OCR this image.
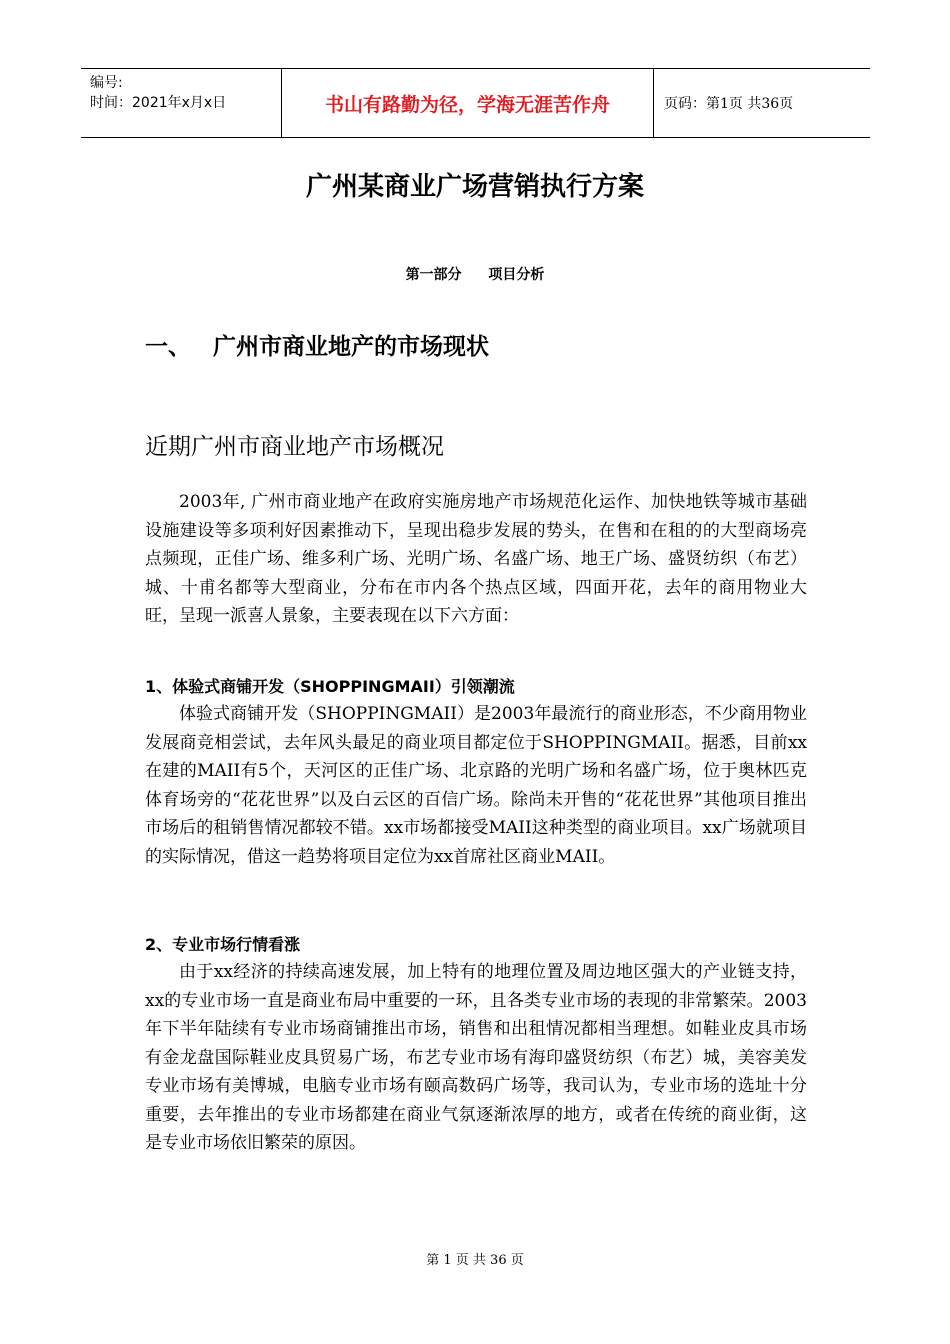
编号:
时间：2021年x月x日	书山有路勤为径，学海无涯苦作舟	页码：第1页 共36页
广州某商业广场营销执行方案
第一部分 项目分析
一、 广州市商业地产的市场现状
近期广州市商业地产市场概况
2003年, 广州市商业地产在政府实施房地产市场规范化运作、加快地铁等城市基础设施建设等多项利好因素推动下，呈现出稳步发展的势头，在售和在租的的大型商场亮点频现，正佳广场、维多利广场、光明广场、名盛广场、地王广场、盛贤纺织（布艺）城、十甫名都等大型商业，分布在市内各个热点区域，四面开花，去年的商用物业大旺，呈现一派喜人景象，主要表现在以下六方面：
1、体验式商铺开发（SHOPPINGMAII）引领潮流
体验式商铺开发（SHOPPINGMAII）是2003年最流行的商业形态，不少商用物业发展商竞相尝试，去年风头最足的商业项目都定位于SHOPPINGMAII。据悉，目前xx在建的MAII有5个，天河区的正佳广场、北京路的光明广场和名盛广场，位于奥林匹克体育场旁的“花花世界”以及白云区的百信广场。除尚未开售的“花花世界”其他项目推出市场后的租销售情况都较不错。xx市场都接受MAII这种类型的商业项目。xx广场就项目的实际情况，借这一趋势将项目定位为xx首席社区商业MAII。
2、专业市场行情看涨
由于xx经济的持续高速发展，加上特有的地理位置及周边地区强大的产业链支持，xx的专业市场一直是商业布局中重要的一环，且各类专业市场的表现的非常繁荣。2003年下半年陆续有专业市场商铺推出市场，销售和出租情况都相当理想。如鞋业皮具市场有金龙盘国际鞋业皮具贸易广场，布艺专业市场有海印盛贤纺织（布艺）城，美容美发专业市场有美博城，电脑专业市场有颐高数码广场等，我司认为，专业市场的选址十分重要，去年推出的专业市场都建在商业气氛逐渐浓厚的地方，或者在传统的商业街，这是专业市场依旧繁荣的原因。
第 1 页 共 36 页
